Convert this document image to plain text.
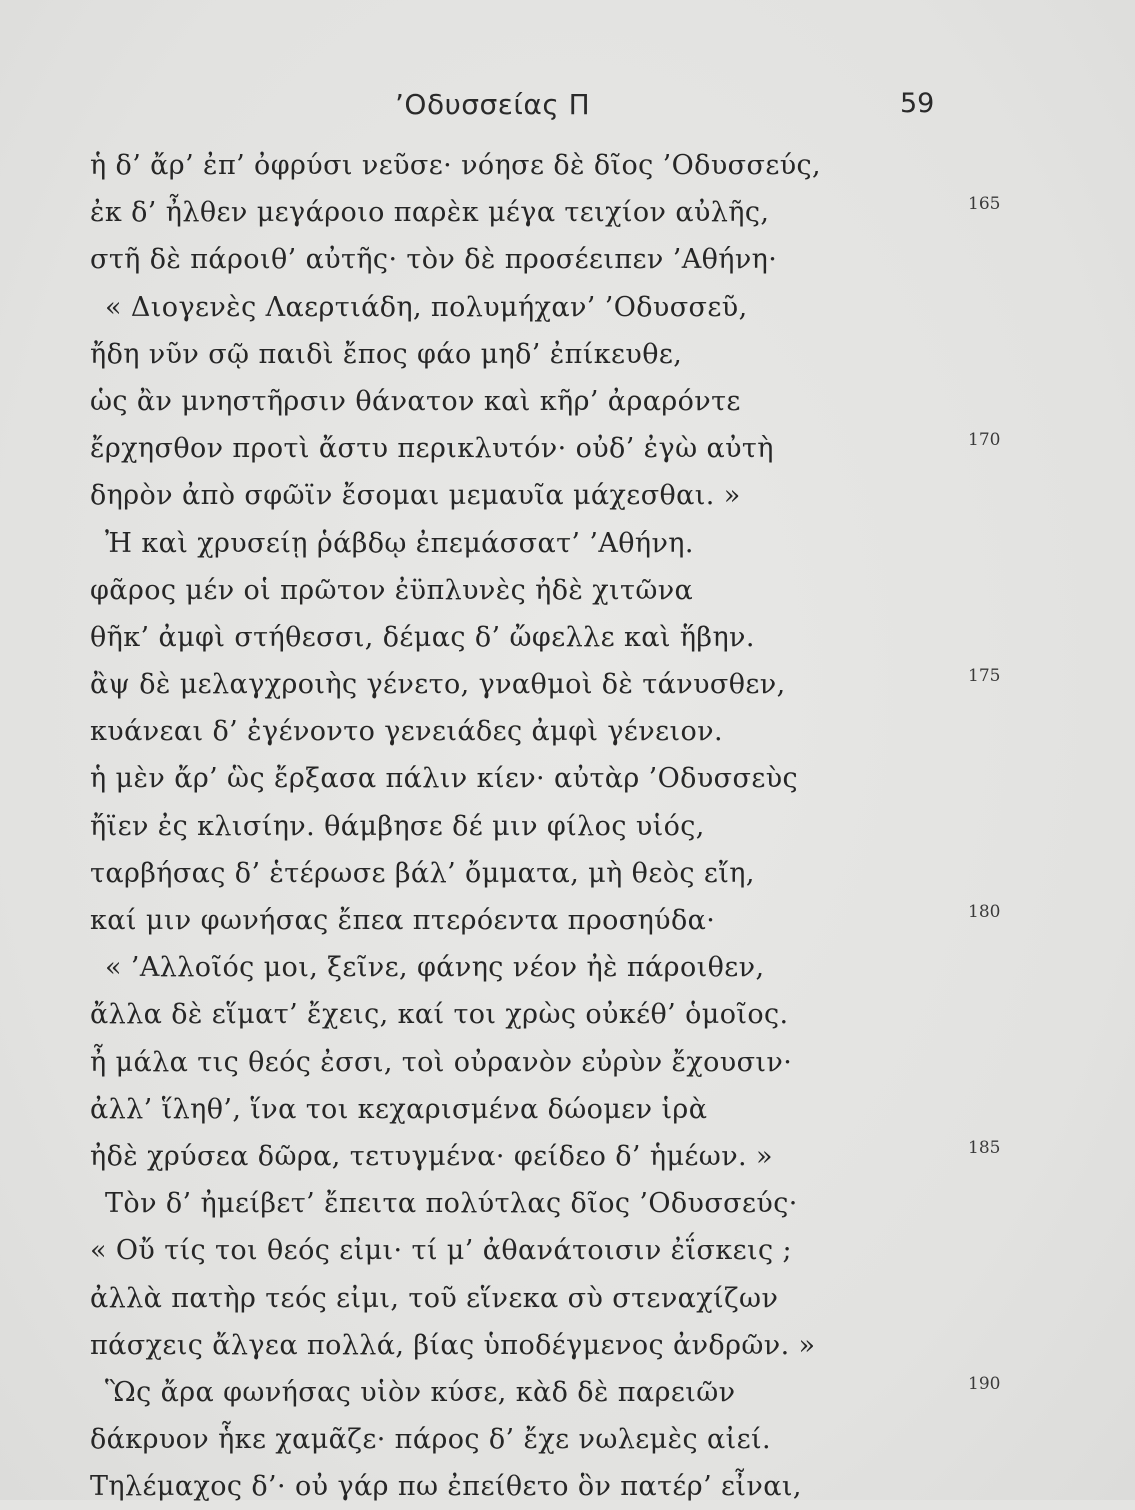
’Οδυσσείας Π	59
ἡ δ’ ἄρ’ ἐπ’ ὀφρύσι νεῦσε· νόησε δὲ δῖος ’Οδυσσεύς,
ἐκ δ’ ἦλθεν μεγάροιο παρὲκ μέγα τειχίον αὐλῆς,	165
στῆ δὲ πάροιθ’ αὐτῆς· τὸν δὲ προσέειπεν ’Αθήνη·
« Διογενὲς Λαερτιάδη, πολυμήχαν’ ’Οδυσσεῦ,
ἤδη νῦν σῷ παιδὶ ἔπος φάο μηδ’ ἐπίκευθε,
ὡς ἂν μνηστῆρσιν θάνατον καὶ κῆρ’ ἀραρόντε
ἔρχησθον προτὶ ἄστυ περικλυτόν· οὐδ’ ἐγὼ αὐτὴ	170
δηρὸν ἀπὸ σφῶϊν ἔσομαι μεμαυῖα μάχεσθαι. »
Ἠ καὶ χρυσείῃ ῥάβδῳ ἐπεμάσσατ’ ’Αθήνη.
φᾶρος μέν οἱ πρῶτον ἐϋπλυνὲς ἠδὲ χιτῶνα
θῆκ’ ἀμφὶ στήθεσσι, δέμας δ’ ὤφελλε καὶ ἥβην.
ἂψ δὲ μελαγχροιὴς γένετο, γναθμοὶ δὲ τάνυσθεν,	175
κυάνεαι δ’ ἐγένοντο γενειάδες ἀμφὶ γένειον.
ἡ μὲν ἄρ’ ὣς ἔρξασα πάλιν κίεν· αὐτὰρ ’Οδυσσεὺς
ἤϊεν ἐς κλισίην. θάμβησε δέ μιν φίλος υἱός,
ταρβήσας δ’ ἑτέρωσε βάλ’ ὄμματα, μὴ θεὸς εἴη,
καί μιν φωνήσας ἔπεα πτερόεντα προσηύδα·	180
« ’Αλλοῖός μοι, ξεῖνε, φάνης νέον ἠὲ πάροιθεν,
ἄλλα δὲ εἵματ’ ἔχεις, καί τοι χρὼς οὐκέθ’ ὁμοῖος.
ἦ μάλα τις θεός ἐσσι, τοὶ οὐρανὸν εὐρὺν ἔχουσιν·
ἀλλ’ ἵληθ’, ἵνα τοι κεχαρισμένα δώομεν ἱρὰ
ἠδὲ χρύσεα δῶρα, τετυγμένα· φείδεο δ’ ἡμέων. »	185
Τὸν δ’ ἠμείβετ’ ἔπειτα πολύτλας δῖος ’Οδυσσεύς·
« Οὔ τίς τοι θεός εἰμι· τί μ’ ἀθανάτοισιν ἐΐσκεις ;
ἀλλὰ πατὴρ τεός εἰμι, τοῦ εἵνεκα σὺ στεναχίζων
πάσχεις ἄλγεα πολλά, βίας ὑποδέγμενος ἀνδρῶν. »
Ὣς ἄρα φωνήσας υἱὸν κύσε, κὰδ δὲ παρειῶν	190
δάκρυον ἧκε χαμᾶζε· πάρος δ’ ἔχε νωλεμὲς αἰεί.
Τηλέμαχος δ’· οὐ γάρ πω ἐπείθετο ὃν πατέρ’ εἶναι,
